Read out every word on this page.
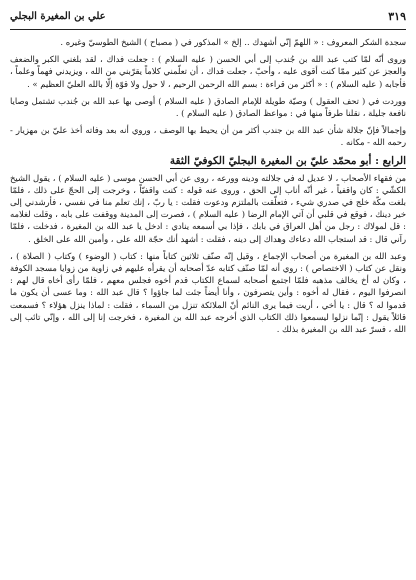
٣١٩
علي بن المغيرة البجلي

سجدة الشكر المعروف : « اللهمّ إنّي أشهدك .. إلخ » المذكور في ( مصباح ) الشيخ الطوسيّ وغيره .

وروى أنّه لمّا كتب عبد الله بن جُندب إلى أبي الحسن ( عليه السلام ) : جعلت فداك ، لقد بلغني الكبر والضعف والعجز عن كثير ممّا كنت أقوى عليه ، وأحبّ ، جعلت فداك ، أن تعلّمني كلاماً يقرّبني من الله ، ويزيدني فهماً وعلماً ، فأجابه ( عليه السلام ) : « أكثر من قراءة : بسم الله الرحمن الرحيم ، لا حول ولا قوّة إلّا بالله العليّ العظيم » .

ووردت في ( تحف العقول ) وصيّة طويلة للإمام الصادق ( عليه السلام ) أوصى بها عبد الله بن جُندب تشتمل وصايا نافعة جليلة ، نقلنا طرفاً منها في : مواعظ الصادق ( عليه السلام ) .

وإجمالاً فإنّ جلالة شأن عبد الله بن جندب أكثر من أن يحيط بها الوصف ، وروي أنه بعد وفاته أخذ عليّ بن مهزيار - رحمه الله - مكانه .

الرابع : أبو محمّد عليّ بن المغيرة البجليّ الكوفيّ الثقة

من فقهاء الأصحاب ، لا عديل له في جلالته ودينه وورعه ، روى عن أبي الحسن موسى ( عليه السلام ) ، يقول الشيخ الكشّي : كان واقفياً ، غير أنّه أناب إلى الحق ، وروى عنه قوله : كنت واقفيّاً ، وخرجت إلى الحجّ على ذلك ، فلمّا بلغت مكّة خلج في صدري شيء ، فتعلّقت بالملتزم ودعوت فقلت : يا ربّ ، إنك تعلم منا في نفسي ، فأرشدني إلى خير دينك ، فوقع في قلبي أن آتي الإمام الرضا ( عليه السلام ) ، فصرت إلى المدينة ووقفت على بابه ، وقلت لغلامه : قل لمولاك : رجل من أهل العراق في بابك ، فإذا بي أسمعه ينادي : ادخل يا عبد الله بن المغيرة ، فدخلت ، فلمّا رآني قال : قد استجاب الله دعاءك وهداك إلى دينه ، فقلت : أشهد أنك حجّة الله على ، وأمين الله على الخلق .

وعبد الله بن المغيرة من أصحاب الإجماع ، وقيل إنّه صنّف ثلاثين كتاباً منها : كتاب ( الوضوء ) وكتاب ( الصلاة ) ، ونقل عن كتاب ( الاختصاص ) : روي أنه لمّا صنّف كتابه عدّ أصحابه أن يقرأه عليهم في زاوية من زوايا مسجد الكوفة ، وكان له أخ يخالف مذهبه فلمّا اجتمع أصحابه لسماع الكتاب قدم أخوه فجلس معهم ، فلمّا رأى أخاه قال لهم : انصرفوا اليوم ، فقال له أخوه : وأين يتصرفون ، وأنا أيضاً جئت لما جاؤوا ؟ قال عبد الله : وما عسى أن يكون ما قدموا له ؟ قال : يا أخي ، أريت فيما يرى النائم أنّ الملائكة تنزل من السماء ، فقلت : لماذا ينزل هؤلاء ؟ فسمعت قائلاً يقول : إنّما نزلوا ليسمعوا ذلك الكتاب الذي أخرجه عبد الله بن المغيرة ، فخرجت إنا إلى الله ، وإنّي تائب إلى الله ، فسرّ عبد الله بن المغيرة بذلك .
